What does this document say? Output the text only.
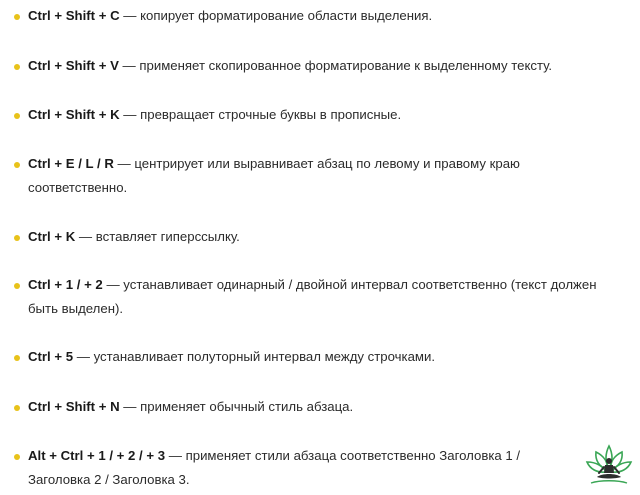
Ctrl + Shift + C — копирует форматирование области выделения.
Ctrl + Shift + V — применяет скопированное форматирование к выделенному тексту.
Ctrl + Shift + K — превращает строчные буквы в прописные.
Ctrl + E / L / R — центрирует или выравнивает абзац по левому и правому краю соответственно.
Ctrl + K — вставляет гиперссылку.
Ctrl + 1 / + 2 — устанавливает одинарный / двойной интервал соответственно (текст должен быть выделен).
Ctrl + 5 — устанавливает полуторный интервал между строчками.
Ctrl + Shift + N — применяет обычный стиль абзаца.
Alt + Ctrl + 1 / + 2 / + 3 — применяет стили абзаца соответственно Заголовка 1 / Заголовка 2 / Заголовка 3.
